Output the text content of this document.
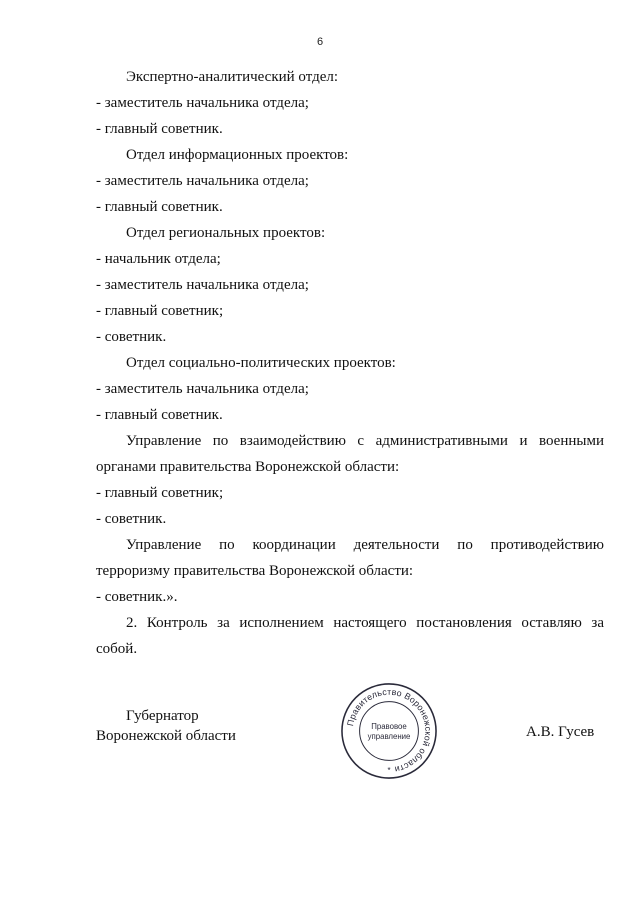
6

Экспертно-аналитический отдел:

- заместитель начальника отдела;

- главный советник.

Отдел информационных проектов:

- заместитель начальника отдела;

- главный советник.

Отдел региональных проектов:

- начальник отдела;

- заместитель начальника отдела;

- главный советник;

- советник.

Отдел социально-политических проектов:

- заместитель начальника отдела;

- главный советник.

Управление по взаимодействию с административными и военными

органами правительства Воронежской области:

- главный советник;

- советник.

Управление по координации деятельности по противодействию

терроризму правительства Воронежской области:

- советник.».

2. Контроль за исполнением настоящего постановления оставляю за

собой.

Губернатор
Воронежской области
Правительство Воронежской области
Правовое
управление
*
А.В. Гусев
